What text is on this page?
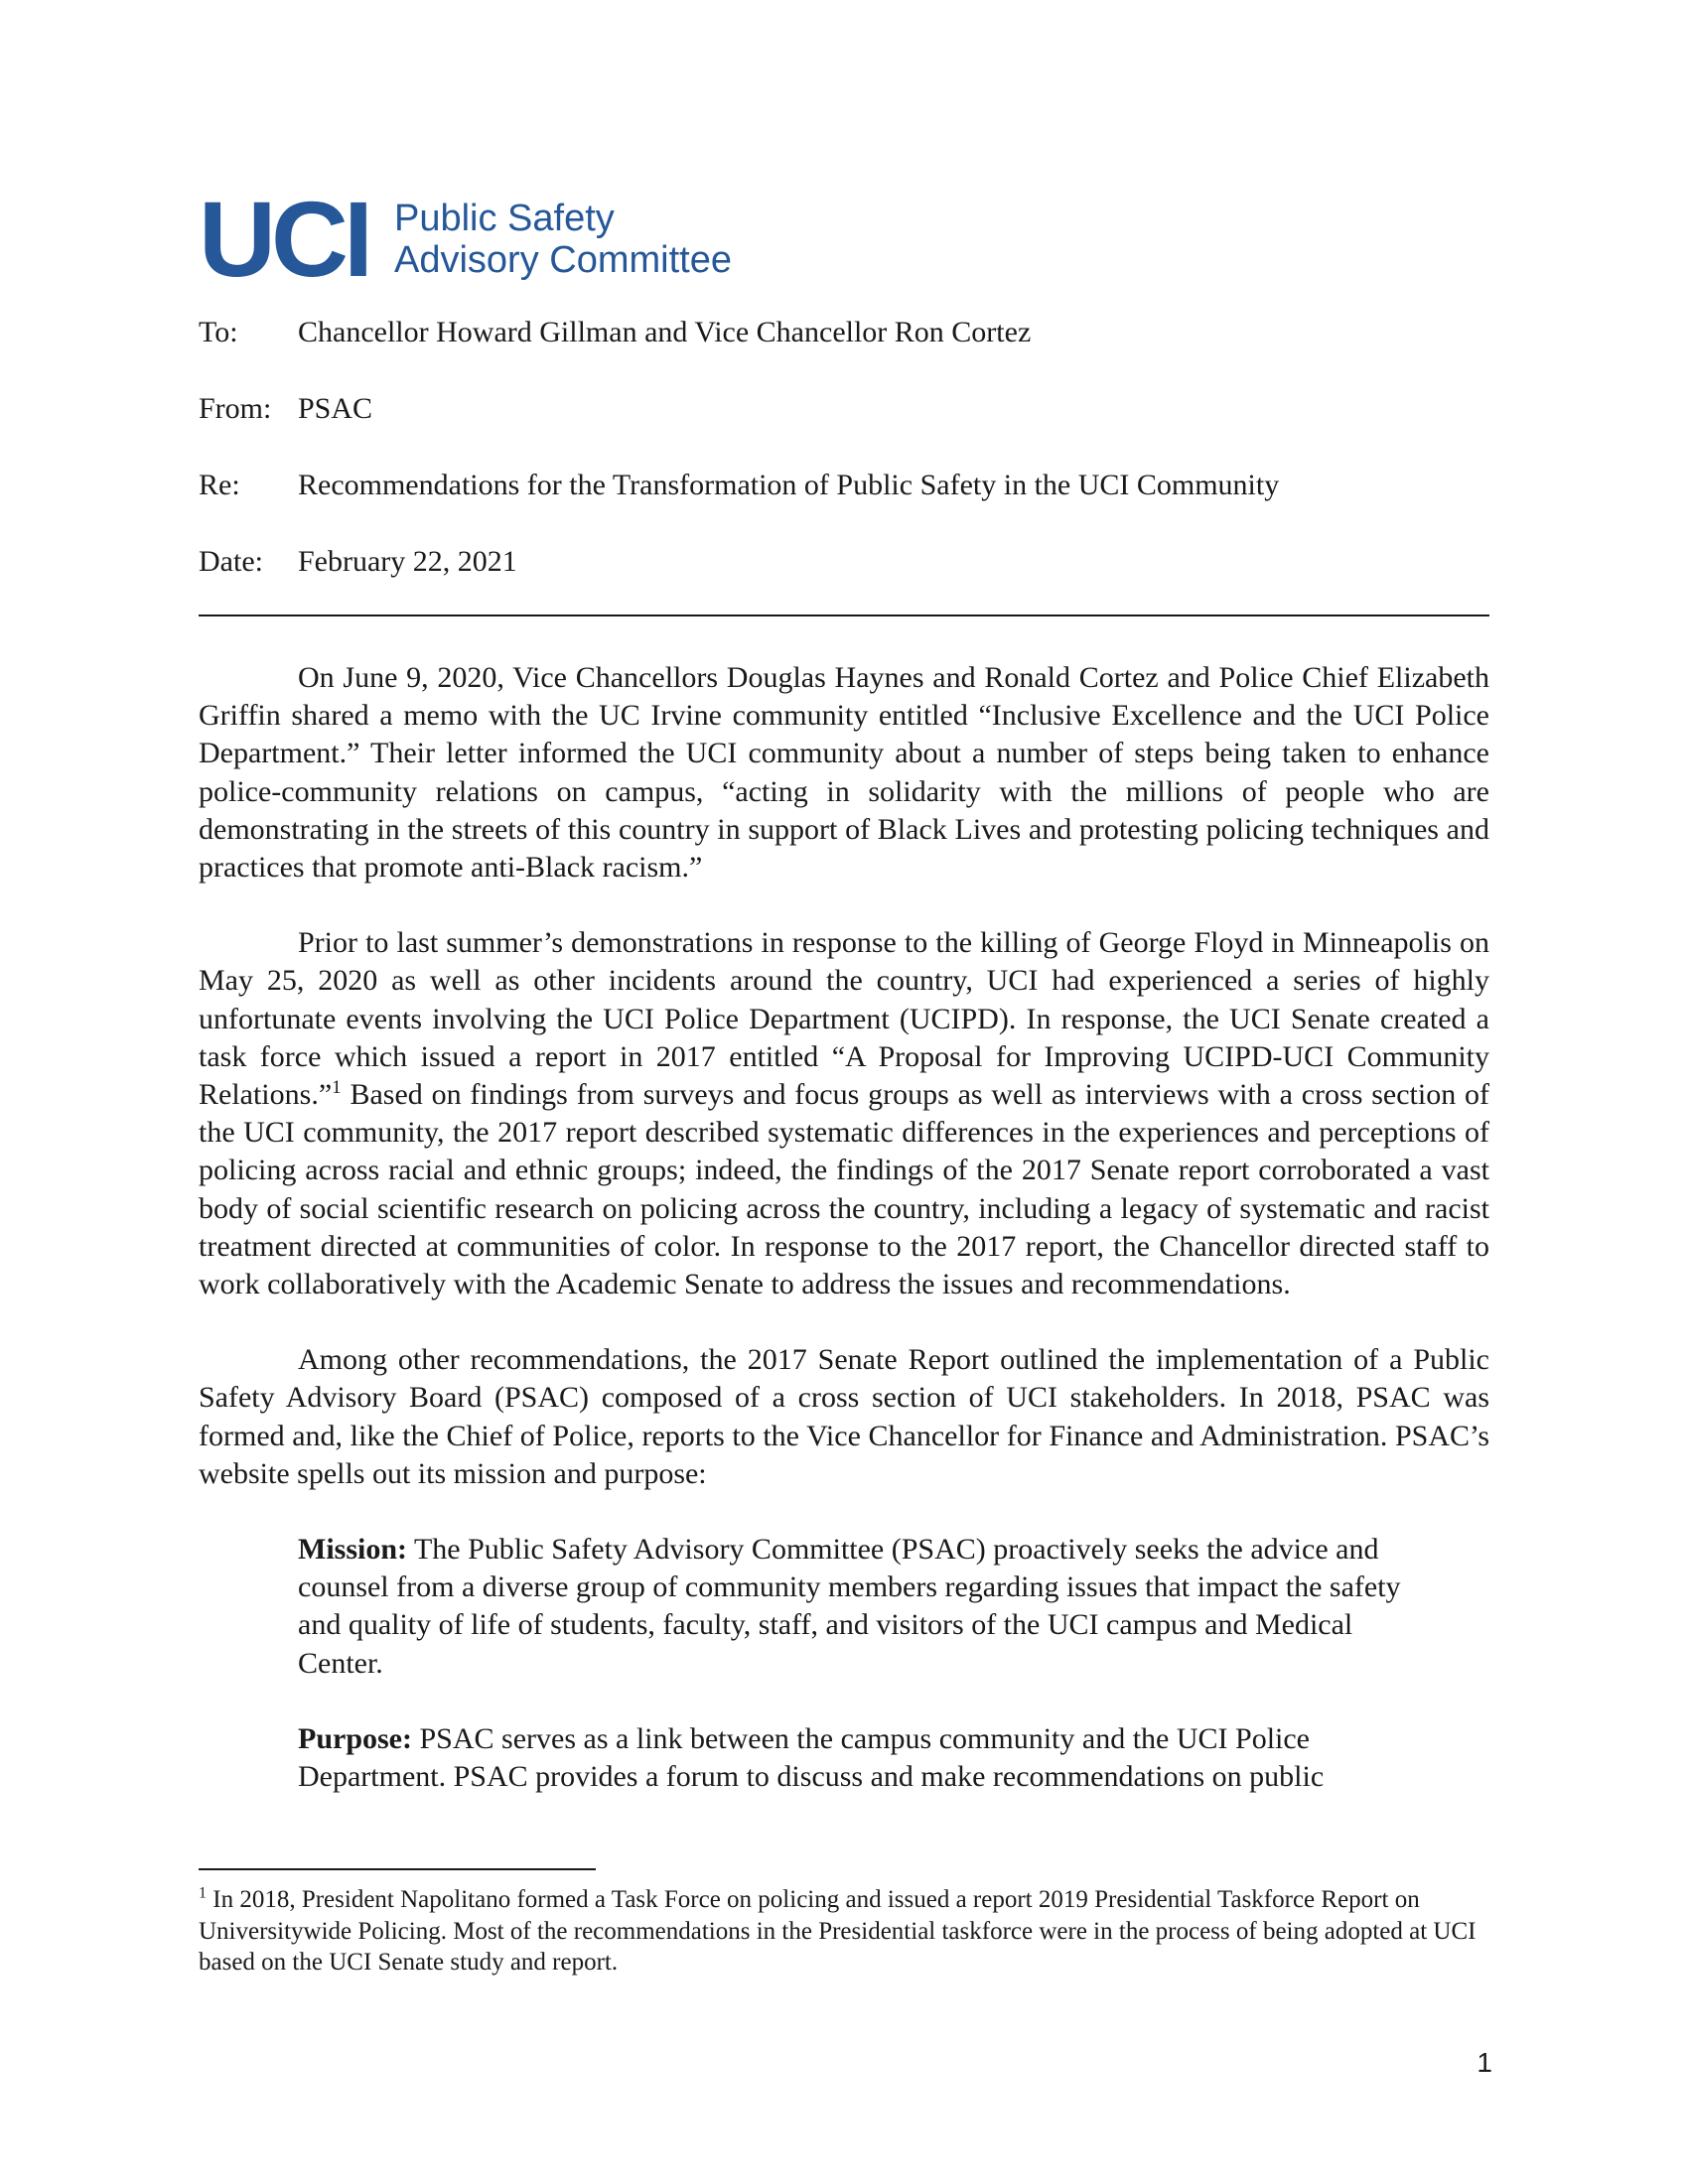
UCI Public Safety
Advisory Committee
To:	Chancellor Howard Gillman and Vice Chancellor Ron Cortez
From: PSAC
Re:	Recommendations for the Transformation of Public Safety in the UCI Community
Date:	February 22, 2021

On June 9, 2020, Vice Chancellors Douglas Haynes and Ronald Cortez and Police Chief Elizabeth Griffin shared a memo with the UC Irvine community entitled “Inclusive Excellence and the UCI Police Department.” Their letter informed the UCI community about a number of steps being taken to enhance police-community relations on campus, “acting in solidarity with the millions of people who are demonstrating in the streets of this country in support of Black Lives and protesting policing techniques and practices that promote anti-Black racism.”

Prior to last summer’s demonstrations in response to the killing of George Floyd in Minneapolis on May 25, 2020 as well as other incidents around the country, UCI had experienced a series of highly unfortunate events involving the UCI Police Department (UCIPD). In response, the UCI Senate created a task force which issued a report in 2017 entitled “A Proposal for Improving UCIPD-UCI Community Relations.”$^1$ Based on findings from surveys and focus groups as well as interviews with a cross section of the UCI community, the 2017 report described systematic differences in the experiences and perceptions of policing across racial and ethnic groups; indeed, the findings of the 2017 Senate report corroborated a vast body of social scientific research on policing across the country, including a legacy of systematic and racist treatment directed at communities of color. In response to the 2017 report, the Chancellor directed staff to work collaboratively with the Academic Senate to address the issues and recommendations.

Among other recommendations, the 2017 Senate Report outlined the implementation of a Public Safety Advisory Board (PSAC) composed of a cross section of UCI stakeholders. In 2018, PSAC was formed and, like the Chief of Police, reports to the Vice Chancellor for Finance and Administration. PSAC’s website spells out its mission and purpose:

Mission: The Public Safety Advisory Committee (PSAC) proactively seeks the advice and counsel from a diverse group of community members regarding issues that impact the safety and quality of life of students, faculty, staff, and visitors of the UCI campus and Medical Center.
Purpose: PSAC serves as a link between the campus community and the UCI Police Department. PSAC provides a forum to discuss and make recommendations on public
$^1$ In 2018, President Napolitano formed a Task Force on policing and issued a report 2019 Presidential Taskforce Report on Universitywide Policing. Most of the recommendations in the Presidential taskforce were in the process of being adopted at UCI based on the UCI Senate study and report.
1
